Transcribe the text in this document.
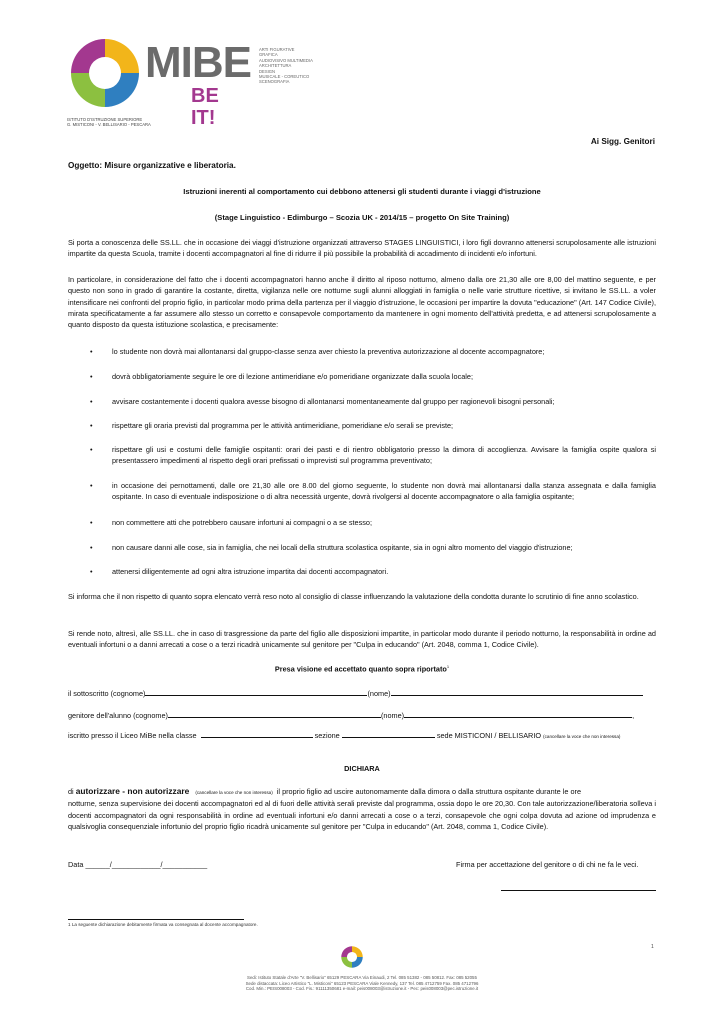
MIBE
BE IT!
ARTI FIGURATIVE
GRAFICA
AUDIOVISIVO MULTIMEDIA
ARCHITETTURA
DESIGN
MUSICALE - COREUTICO
SCENOGRAFIA
ISTITUTO D'ISTRUZIONE SUPERIORE
G. MISTICONI - V. BELLISARIO - PESCARA
Ai Sigg. Genitori
Oggetto: Misure organizzative e liberatoria.
Istruzioni inerenti al comportamento cui debbono attenersi gli studenti durante i viaggi d'istruzione
(Stage Linguistico - Edimburgo – Scozia UK - 2014/15 – progetto On Site Training)
Si porta a conoscenza delle SS.LL. che in occasione dei viaggi d'istruzione organizzati attraverso STAGES LINGUISTICI, i loro figli dovranno attenersi scrupolosamente alle istruzioni impartite da questa Scuola, tramite i docenti accompagnatori al fine di ridurre il più possibile la probabilità di accadimento di incidenti e/o infortuni.
In particolare, in considerazione del fatto che i docenti accompagnatori hanno anche il diritto al riposo notturno, almeno dalla ore 21,30 alle ore 8,00 del mattino seguente, e per questo non sono in grado di garantire la costante, diretta, vigilanza nelle ore notturne sugli alunni alloggiati in famiglia o nelle varie strutture ricettive, si invitano le SS.LL. a voler intensificare nei confronti del proprio figlio, in particolar modo prima della partenza per il viaggio d'istruzione, le occasioni per impartire la dovuta "educazione" (Art. 147 Codice Civile), mirata specificatamente a far assumere allo stesso un corretto e consapevole comportamento da mantenere in ogni momento dell'attività predetta, e ad attenersi scrupolosamente a quanto disposto da questa istituzione scolastica, e precisamente:
•	lo studente non dovrà mai allontanarsi dal gruppo-classe senza aver chiesto la preventiva autorizzazione al docente accompagnatore;
•	dovrà obbligatoriamente seguire le ore di lezione antimeridiane e/o pomeridiane organizzate dalla scuola locale;
•	avvisare costantemente i docenti qualora avesse bisogno di allontanarsi momentaneamente dal gruppo per ragionevoli bisogni personali;
•	rispettare gli oraria previsti dal programma per le attività antimeridiane, pomeridiane e/o serali se previste;
•	rispettare gli usi e costumi delle famiglie ospitanti: orari dei pasti e di rientro obbligatorio presso la dimora di accoglienza. Avvisare la famiglia ospite qualora si presentassero impedimenti al rispetto degli orari prefissati o imprevisti sul programma preventivato;
•	in occasione dei pernottamenti, dalle ore 21,30 alle ore 8.00 del giorno seguente, lo studente non dovrà mai allontanarsi dalla stanza assegnata e dalla famiglia ospitante. In caso di eventuale indisposizione o di altra necessità urgente, dovrà rivolgersi al docente accompagnatore o alla famiglia ospitante;
•	non commettere atti che potrebbero causare infortuni ai compagni o a se stesso;
•	non causare danni alle cose, sia in famiglia, che nei locali della struttura scolastica ospitante, sia in ogni altro momento del viaggio d'istruzione;
•	attenersi diligentemente ad ogni altra istruzione impartita dai docenti accompagnatori.
Si informa che il non rispetto di quanto sopra elencato verrà reso noto al consiglio di classe influenzando la valutazione della condotta durante lo scrutinio di fine anno scolastico.
Si rende noto, altresì, alle SS.LL. che in caso di trasgressione da parte del figlio alle disposizioni impartite, in particolar modo durante il periodo notturno, la responsabilità in ordine ad eventuali infortuni o a danni arrecati a cose o a terzi ricadrà unicamente sul genitore per "Culpa in educando" (Art. 2048, comma 1, Codice Civile).
Presa visione ed accettato quanto sopra riportato$^1$
il sottoscritto (cognome)	(nome)
genitore dell'alunno (cognome)	(nome)	,
iscritto presso il Liceo MiBe nella classe	sezione	sede MISTICONI / BELLISARIO (cancellare la voce che non interessa)
DICHIARA
di autorizzare - non autorizzare (cancellare la voce che non interessa) il proprio figlio ad uscire autonomamente dalla dimora o dalla struttura ospitante durante le ore
notturne, senza supervisione dei docenti accompagnatori ed al di fuori delle attività serali previste dal programma, ossia dopo le ore 20,30. Con tale autorizzazione/liberatoria solleva i docenti accompagnatori da ogni responsabilità in ordine ad eventuali infortuni e/o danni arrecati a cose o a terzi, consapevole che ogni colpa dovuta ad azione od imprudenza e qualsivoglia consequenziale infortunio del proprio figlio ricadrà unicamente sul genitore per "Culpa in educando" (Art. 2048, comma 1, Codice Civile).
Data ______/____________/___________	Firma per accettazione del genitore o di chi ne fa le veci.
1 La seguente dichiarazione debitamente firmata va consegnata al docente accompagnatore.
1
Sedi: Istituto Statale d'Arte "V. Bellisario" 65129 PESCARA Via Einaudi, 2 Tel. 085 51382 - 085 50812. Fax: 085 52055
Sede distaccata: Liceo Artistico "L. Misticoni" 65123 PESCARA Viale Kennedy, 137 Tel. 085 4712759 Fax. 085 4712796
Cod. Min.: PEIS008003 - Cod. Fis.: 91111350681 e-mail: peis008003@istruzione.it - Pec: peis008003@pec.istruzione.it
